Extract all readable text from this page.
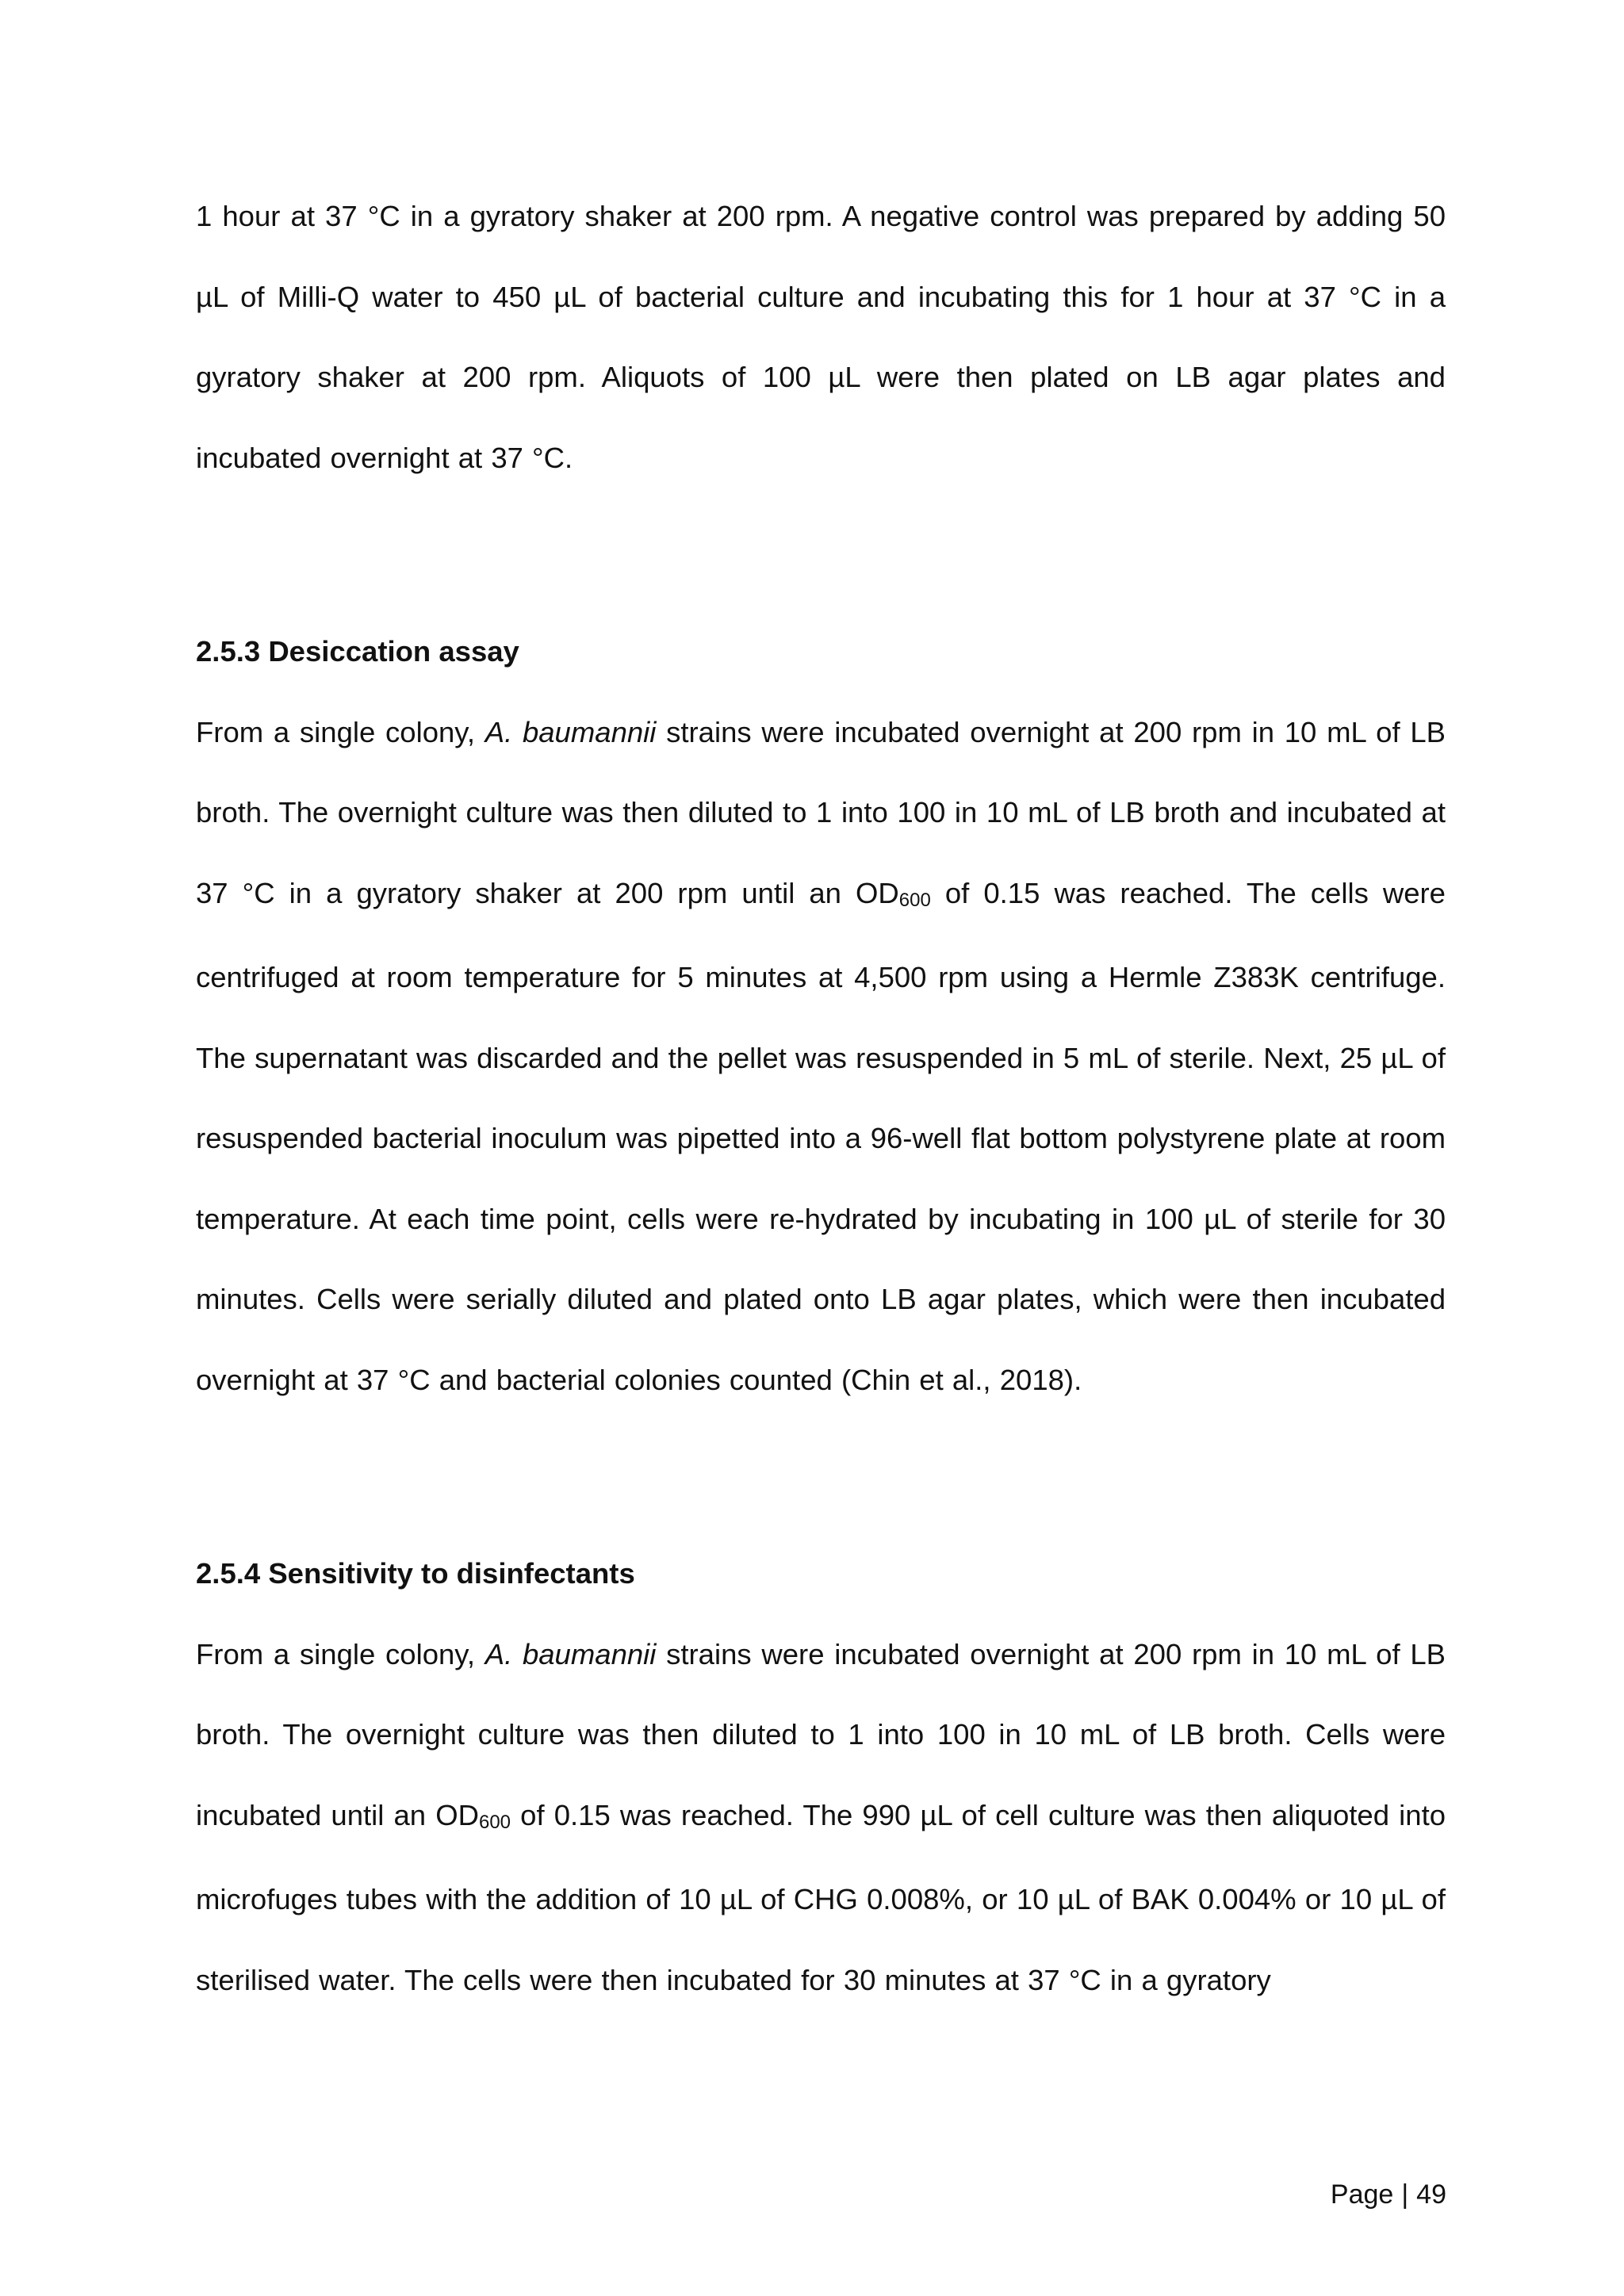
1 hour at 37 °C in a gyratory shaker at 200 rpm. A negative control was prepared by adding 50 µL of Milli-Q water to 450 µL of bacterial culture and incubating this for 1 hour at 37 °C in a gyratory shaker at 200 rpm. Aliquots of 100 µL were then plated on LB agar plates and incubated overnight at 37 °C.

2.5.3 Desiccation assay

From a single colony, A. baumannii strains were incubated overnight at 200 rpm in 10 mL of LB broth. The overnight culture was then diluted to 1 into 100 in 10 mL of LB broth and incubated at 37 °C in a gyratory shaker at 200 rpm until an OD600 of 0.15 was reached. The cells were centrifuged at room temperature for 5 minutes at 4,500 rpm using a Hermle Z383K centrifuge. The supernatant was discarded and the pellet was resuspended in 5 mL of sterile. Next, 25 µL of resuspended bacterial inoculum was pipetted into a 96-well flat bottom polystyrene plate at room temperature. At each time point, cells were re-hydrated by incubating in 100 µL of sterile for 30 minutes. Cells were serially diluted and plated onto LB agar plates, which were then incubated overnight at 37 °C and bacterial colonies counted (Chin et al., 2018).

2.5.4 Sensitivity to disinfectants

From a single colony, A. baumannii strains were incubated overnight at 200 rpm in 10 mL of LB broth. The overnight culture was then diluted to 1 into 100 in 10 mL of LB broth. Cells were incubated until an OD600 of 0.15 was reached. The 990 µL of cell culture was then aliquoted into microfuges tubes with the addition of 10 µL of CHG 0.008%, or 10 µL of BAK 0.004% or 10 µL of sterilised water. The cells were then incubated for 30 minutes at 37 °C in a gyratory

Page | 49
